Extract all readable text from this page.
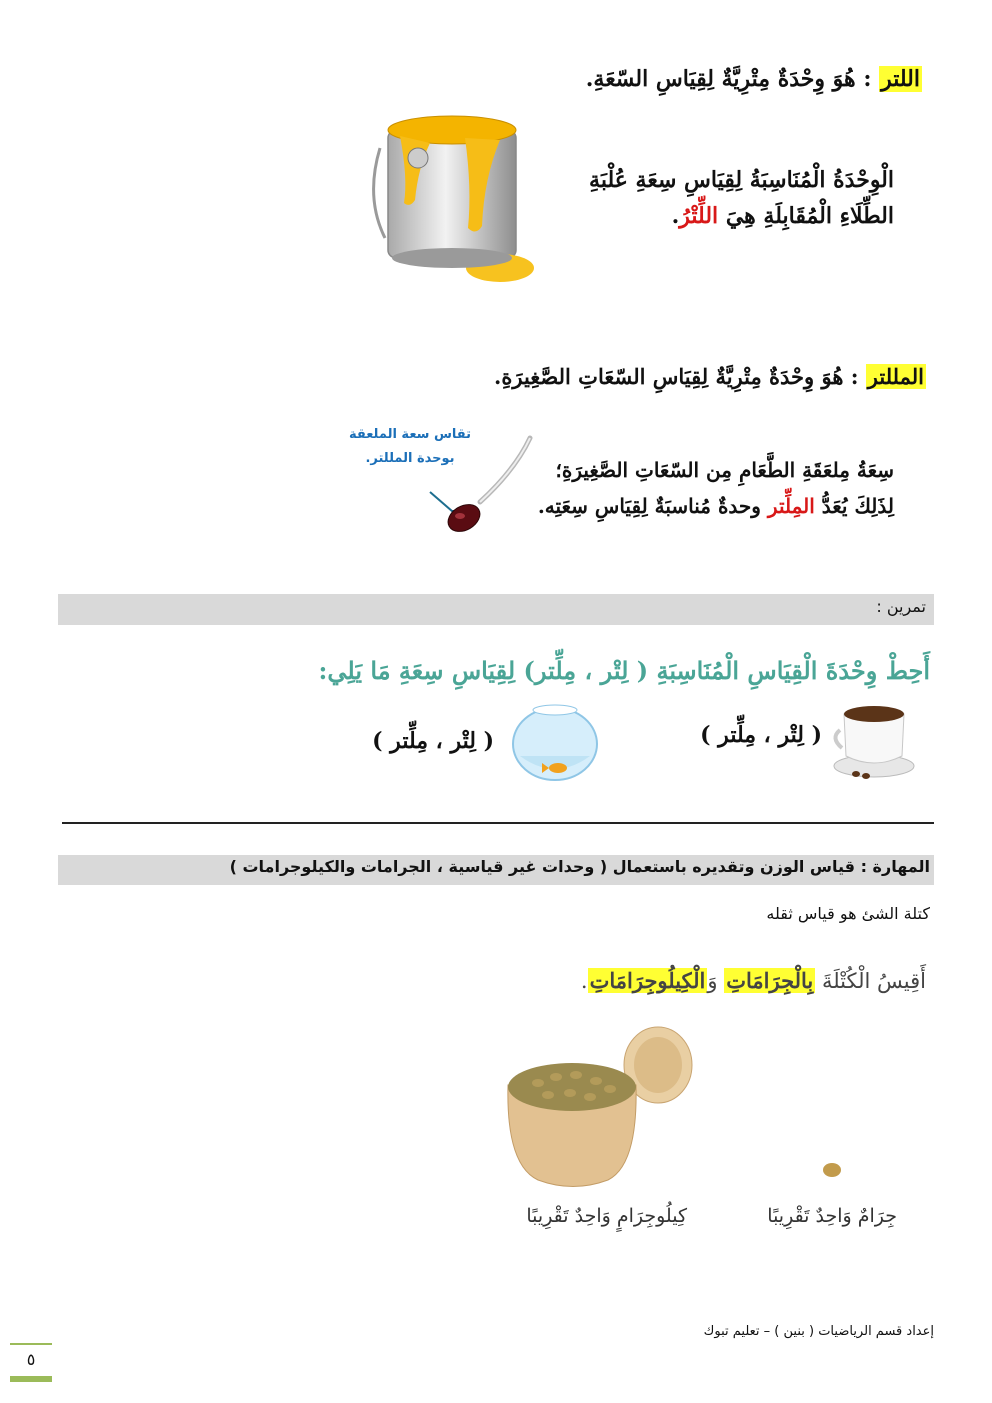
اللتر : هُوَ وِحْدَةٌ مِتْرِيَّةٌ لِقِيَاسِ السّعَةِ.
الْوِحْدَةُ الْمُنَاسِبَةُ لِقِيَاسِ سِعَةِ عُلْبَةِ الطِّلَاءِ الْمُقَابِلَةِ هِيَ اللِّتْرُ.
المللتر : هُوَ وِحْدَةٌ مِتْرِيَّةٌ لِقِيَاسِ السّعَاتِ الصَّغِيرَةِ.
تقاس سعة الملعقة
بوحدة المللتر.	سِعَةُ مِلعَقَةِ الطَّعَامِ مِن السّعَاتِ الصَّغِيرَةِ؛ لِذَلِكَ يُعَدُّ المِلِّتر وحدةٌ مُناسبَةٌ لِقِيَاسِ سِعَتِه.
تمرين :
أَحِطْ وِحْدَةَ الْقِيَاسِ الْمُنَاسِبَةِ ( لِتْر ، مِلِّتر) لِقِيَاسِ سِعَةِ مَا يَلِي:
( لِتْر ، مِلِّتر )
( لِتْر ، مِلِّتر )
المهارة : قياس الوزن وتقديره باستعمال ( وحدات غير قياسية ، الجرامات والكيلوجرامات )
كتلة الشئ هو قياس ثقله
أَقِيسُ الْكُتْلَةَ بِالْجِرَامَاتِ وَالْكِيلُوجِرَامَاتِ.
كِيلُوجِرَامٍ وَاحِدٌ تَقْرِيبًا	جِرَامٌ وَاحِدٌ تَقْرِيبًا
إعداد قسم الرياضيات ( بنين ) – تعليم تبوك
٥
